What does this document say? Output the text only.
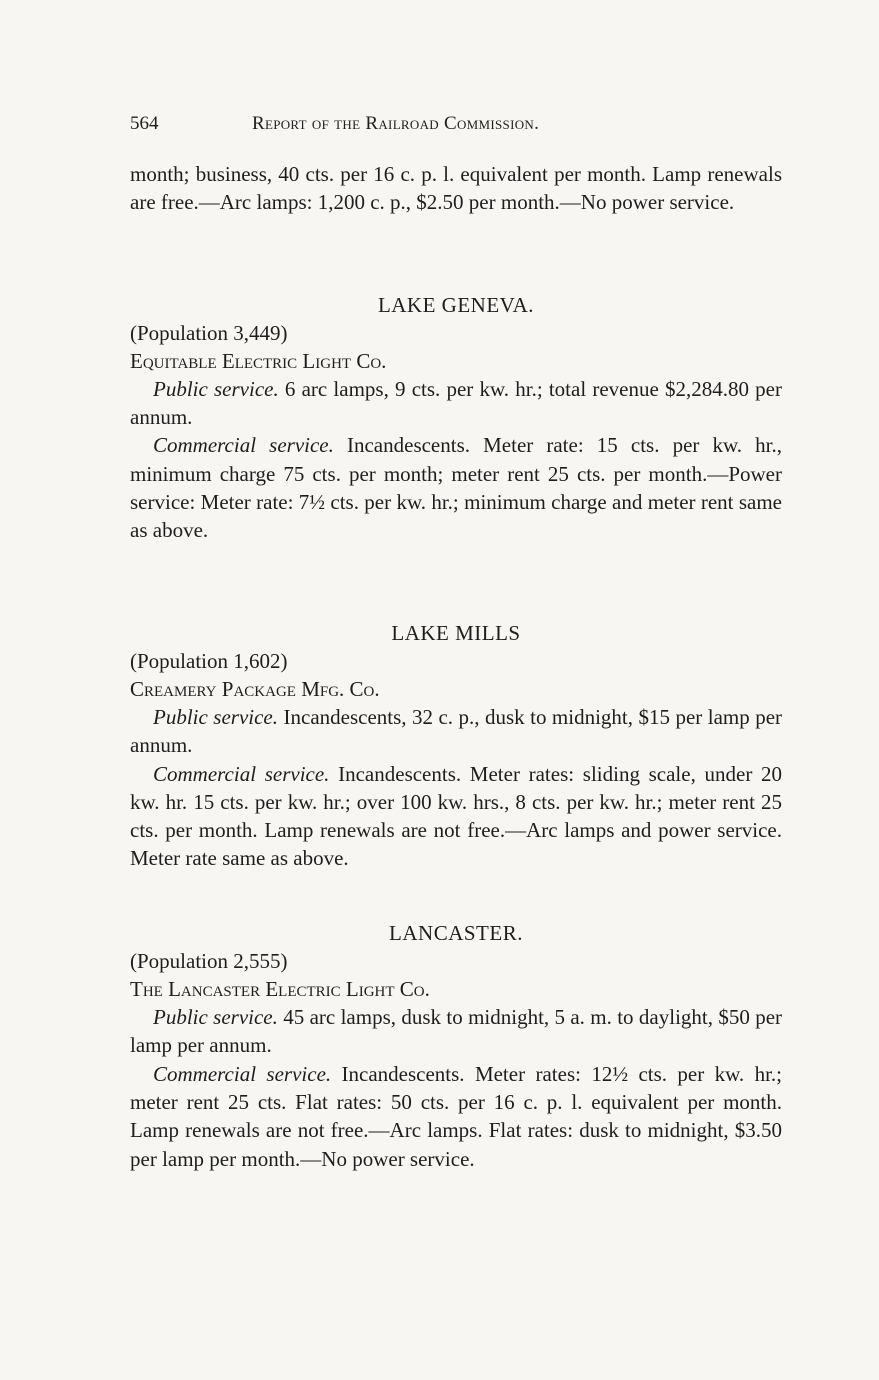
564	Report of the Railroad Commission.

month; business, 40 cts. per 16 c. p. l. equivalent per month. Lamp renewals are free.—Arc lamps: 1,200 c. p., $2.50 per month.—No power service.

LAKE GENEVA.

(Population 3,449)

Equitable Electric Light Co.

Public service. 6 arc lamps, 9 cts. per kw. hr.; total revenue $2,284.80 per annum.

Commercial service. Incandescents. Meter rate: 15 cts. per kw. hr., minimum charge 75 cts. per month; meter rent 25 cts. per month.—Power service: Meter rate: 7½ cts. per kw. hr.; minimum charge and meter rent same as above.

LAKE MILLS

(Population 1,602)

Creamery Package Mfg. Co.

Public service. Incandescents, 32 c. p., dusk to midnight, $15 per lamp per annum.

Commercial service. Incandescents. Meter rates: sliding scale, under 20 kw. hr. 15 cts. per kw. hr.; over 100 kw. hrs., 8 cts. per kw. hr.; meter rent 25 cts. per month. Lamp renewals are not free.—Arc lamps and power service. Meter rate same as above.

LANCASTER.

(Population 2,555)

The Lancaster Electric Light Co.

Public service. 45 arc lamps, dusk to midnight, 5 a. m. to daylight, $50 per lamp per annum.

Commercial service. Incandescents. Meter rates: 12½ cts. per kw. hr.; meter rent 25 cts. Flat rates: 50 cts. per 16 c. p. l. equivalent per month. Lamp renewals are not free.—Arc lamps. Flat rates: dusk to midnight, $3.50 per lamp per month.—No power service.
